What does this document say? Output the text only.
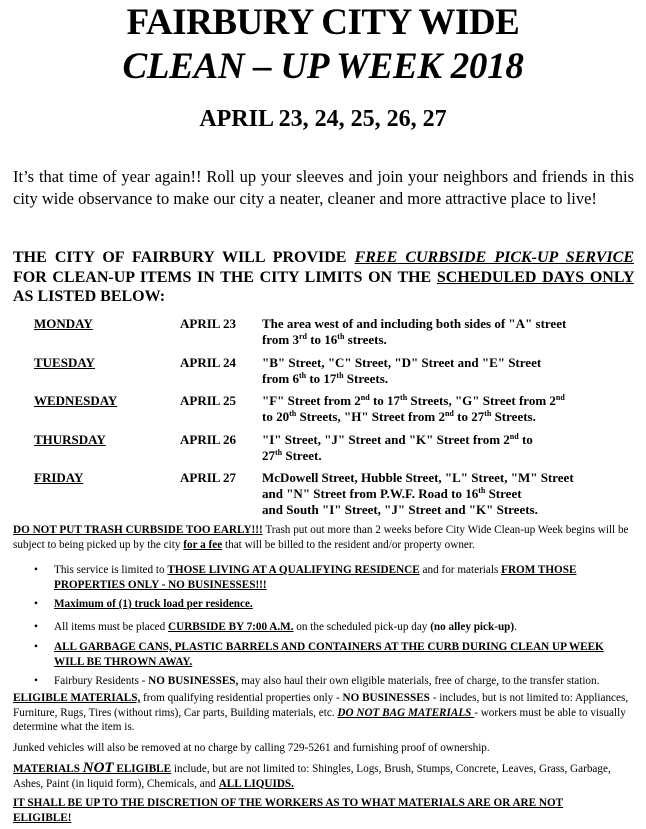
FAIRBURY CITY WIDE
CLEAN – UP WEEK 2018
APRIL 23, 24, 25, 26, 27
It’s that time of year again!! Roll up your sleeves and join your neighbors and friends in this city wide observance to make our city a neater, cleaner and more attractive place to live!
THE CITY OF FAIRBURY WILL PROVIDE FREE CURBSIDE PICK-UP SERVICE FOR CLEAN-UP ITEMS IN THE CITY LIMITS ON THE SCHEDULED DAYS ONLY AS LISTED BELOW:
MONDAY	APRIL 23 The area west of and including both sides of "A" street
from 3rd to 16th streets.
TUESDAY	APRIL 24 "B" Street, "C" Street, "D" Street and "E" Street
from 6th to 17th Streets.
WEDNESDAY	APRIL 25 "F" Street from 2nd to 17th Streets, "G" Street from 2nd
to 20th Streets, "H" Street from 2nd to 27th Streets.
THURSDAY	APRIL 26 "I" Street, "J" Street and "K" Street from 2nd to
27th Street.
FRIDAY	APRIL 27 McDowell Street, Hubble Street, "L" Street, "M" Street
and "N" Street from P.W.F. Road to 16th Street
and South "I" Street, "J" Street and "K" Streets.
DO NOT PUT TRASH CURBSIDE TOO EARLY!!! Trash put out more than 2 weeks before City Wide Clean-up Week begins will be subject to being picked up by the city for a fee that will be billed to the resident and/or property owner.
• This service is limited to THOSE LIVING AT A QUALIFYING RESIDENCE and for materials FROM THOSE PROPERTIES ONLY - NO BUSINESSES!!!
• Maximum of (1) truck load per residence.
• All items must be placed CURBSIDE BY 7:00 A.M. on the scheduled pick-up day (no alley pick-up).
• ALL GARBAGE CANS, PLASTIC BARRELS AND CONTAINERS AT THE CURB DURING CLEAN UP WEEK WILL BE THROWN AWAY.
• Fairbury Residents - NO BUSINESSES, may also haul their own eligible materials, free of charge, to the transfer station.
ELIGIBLE MATERIALS, from qualifying residential properties only - NO BUSINESSES - includes, but is not limited to: Appliances, Furniture, Rugs, Tires (without rims), Car parts, Building materials, etc. DO NOT BAG MATERIALS - workers must be able to visually determine what the item is.
Junked vehicles will also be removed at no charge by calling 729-5261 and furnishing proof of ownership.
MATERIALS NOT ELIGIBLE include, but are not limited to: Shingles, Logs, Brush, Stumps, Concrete, Leaves, Grass, Garbage, Ashes, Paint (in liquid form), Chemicals, and ALL LIQUIDS.
IT SHALL BE UP TO THE DISCRETION OF THE WORKERS AS TO WHAT MATERIALS ARE OR ARE NOT ELIGIBLE!
